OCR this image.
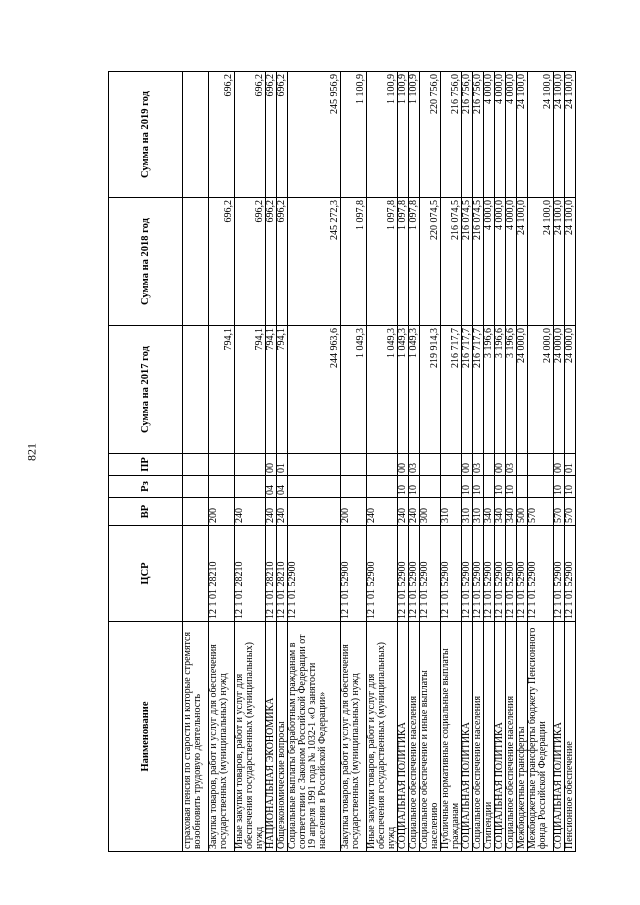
821
Наименование	ЦСР	ВР	Рз	ПР	Сумма на 2017 год	Сумма на 2018 год	Сумма на 2019 год
страховая пенсия по старости и которые стремятся возобновить трудовую деятельность							
Закупка товаров, работ и услуг для обеспечения государственных (муниципальных) нужд	12 1 01 28210	200			794,1	696,2	696,2
Иные закупки товаров, работ и услуг для обеспечения государственных (муниципальных) нужд	12 1 01 28210	240			794,1	696,2	696,2
НАЦИОНАЛЬНАЯ ЭКОНОМИКА	12 1 01 28210	240	04	00	794,1	696,2	696,2
Общеэкономические вопросы	12 1 01 28210	240	04	01	794,1	696,2	696,2
Социальные выплаты безработным гражданам в соответствии с Законом Российской Федерации от 19 апреля 1991 года № 1032-1 «О занятости населения в Российской Федерации»	12 1 01 52900				244 963,6	245 272,3	245 956,9
Закупка товаров, работ и услуг для обеспечения государственных (муниципальных) нужд	12 1 01 52900	200			1 049,3	1 097,8	1 100,9
Иные закупки товаров, работ и услуг для обеспечения государственных (муниципальных) нужд	12 1 01 52900	240			1 049,3	1 097,8	1 100,9
СОЦИАЛЬНАЯ ПОЛИТИКА	12 1 01 52900	240	10	00	1 049,3	1 097,8	1 100,9
Социальное обеспечение населения	12 1 01 52900	240	10	03	1 049,3	1 097,8	1 100,9
Социальное обеспечение и иные выплаты населению	12 1 01 52900	300			219 914,3	220 074,5	220 756,0
Публичные нормативные социальные выплаты гражданам	12 1 01 52900	310			216 717,7	216 074,5	216 756,0
СОЦИАЛЬНАЯ ПОЛИТИКА	12 1 01 52900	310	10	00	216 717,7	216 074,5	216 756,0
Социальное обеспечение населения	12 1 01 52900	310	10	03	216 717,7	216 074,5	216 756,0
Стипендии	12 1 01 52900	340			3 196,6	4 000,0	4 000,0
СОЦИАЛЬНАЯ ПОЛИТИКА	12 1 01 52900	340	10	00	3 196,6	4 000,0	4 000,0
Социальное обеспечение населения	12 1 01 52900	340	10	03	3 196,6	4 000,0	4 000,0
Межбюджетные трансферты	12 1 01 52900	500			24 000,0	24 100,0	24 100,0
Межбюджетные трансферты бюджету Пенсионного фонда Российской Федерации	12 1 01 52900	570			24 000,0	24 100,0	24 100,0
СОЦИАЛЬНАЯ ПОЛИТИКА	12 1 01 52900	570	10	00	24 000,0	24 100,0	24 100,0
Пенсионное обеспечение	12 1 01 52900	570	10	01	24 000,0	24 100,0	24 100,0
